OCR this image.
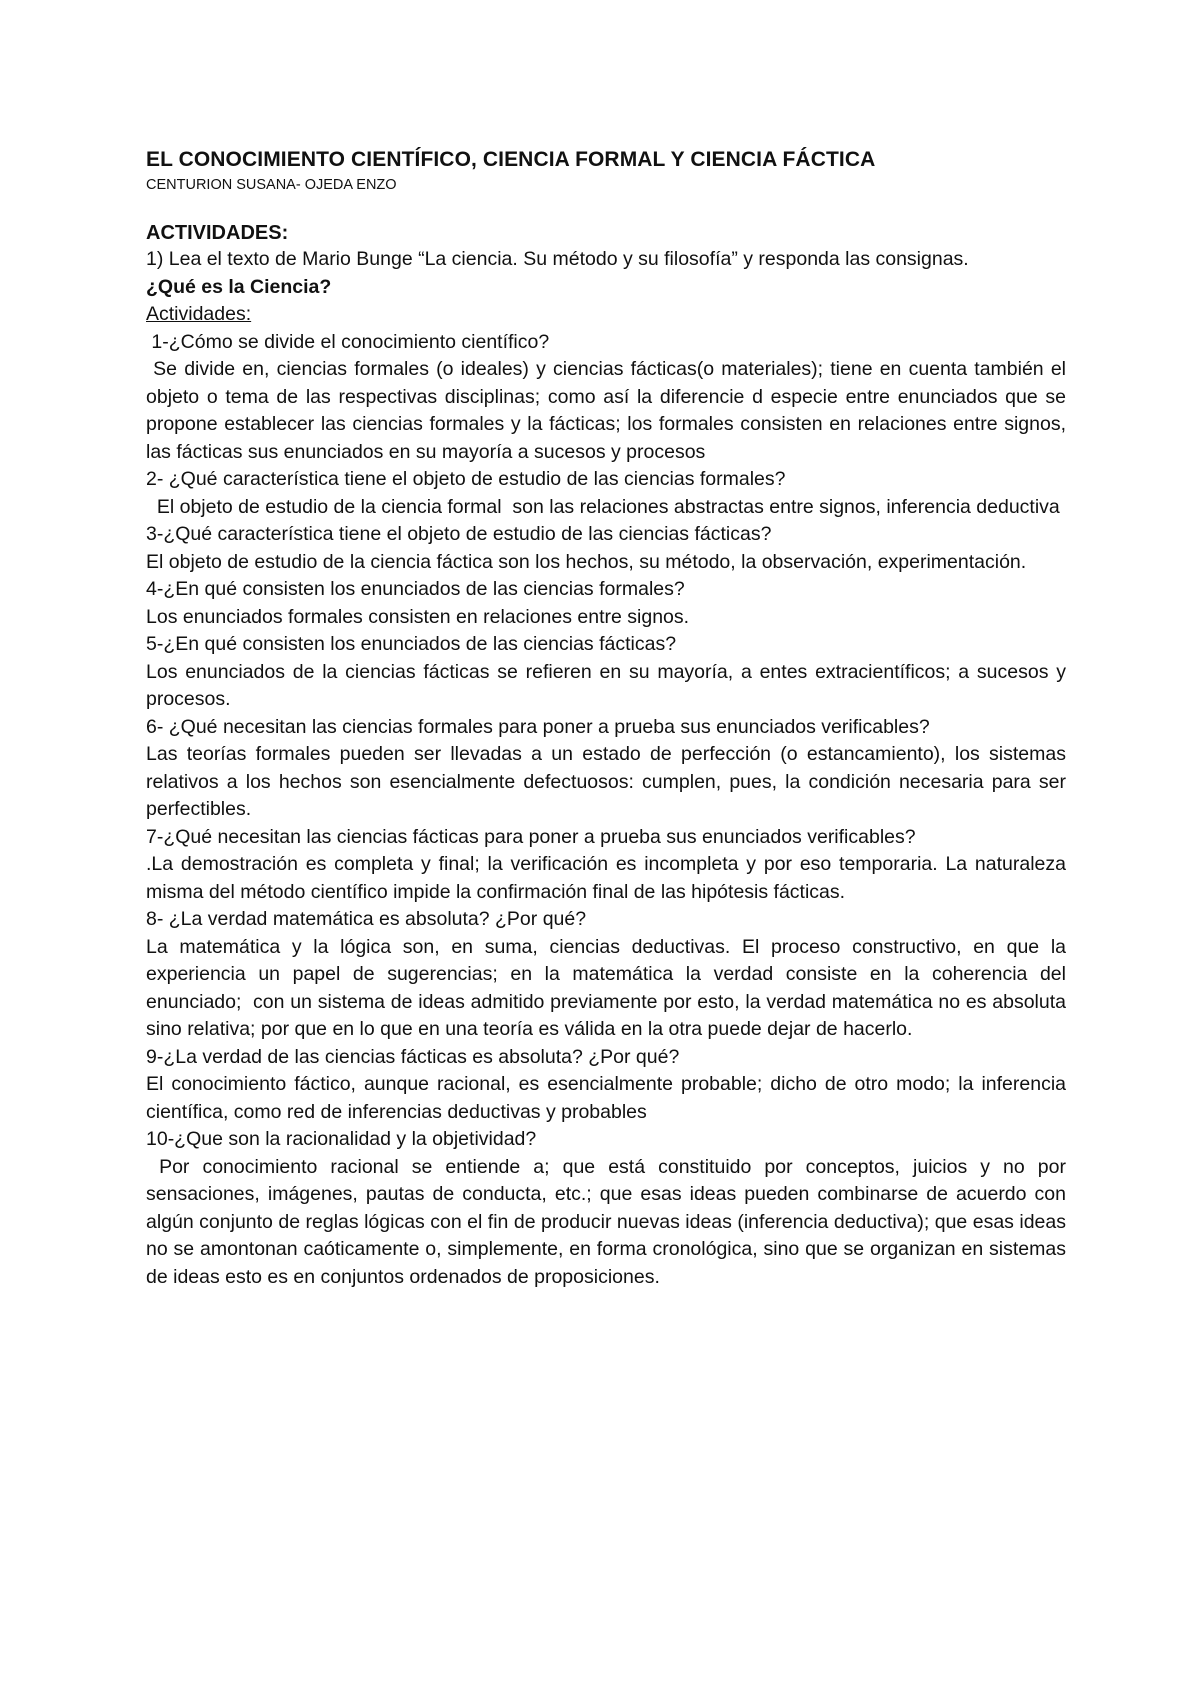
EL CONOCIMIENTO CIENTÍFICO, CIENCIA FORMAL Y CIENCIA FÁCTICA
CENTURION SUSANA- OJEDA ENZO
ACTIVIDADES:

1) Lea el texto de Mario Bunge “La ciencia. Su método y su filosofía” y responda las consignas.

¿Qué es la Ciencia?

Actividades:

1-¿Cómo se divide el conocimiento científico?

Se divide en, ciencias formales (o ideales) y ciencias fácticas(o materiales); tiene en cuenta también el objeto o tema de las respectivas disciplinas; como así la diferencie d especie entre enunciados que se propone establecer las ciencias formales y la fácticas; los formales consisten en relaciones entre signos, las fácticas sus enunciados en su mayoría a sucesos y procesos

2- ¿Qué característica tiene el objeto de estudio de las ciencias formales?

El objeto de estudio de la ciencia formal  son las relaciones abstractas entre signos, inferencia deductiva

3-¿Qué característica tiene el objeto de estudio de las ciencias fácticas?

El objeto de estudio de la ciencia fáctica son los hechos, su método, la observación, experimentación.

4-¿En qué consisten los enunciados de las ciencias formales?

Los enunciados formales consisten en relaciones entre signos.

5-¿En qué consisten los enunciados de las ciencias fácticas?

Los enunciados de la ciencias fácticas se refieren en su mayoría, a entes extracientíficos; a sucesos y procesos.

6- ¿Qué necesitan las ciencias formales para poner a prueba sus enunciados verificables?

Las teorías formales pueden ser llevadas a un estado de perfección (o estancamiento), los sistemas relativos a los hechos son esencialmente defectuosos: cumplen, pues, la condición necesaria para ser perfectibles.

7-¿Qué necesitan las ciencias fácticas para poner a prueba sus enunciados verificables?

.La demostración es completa y final; la verificación es incompleta y por eso temporaria. La naturaleza misma del método científico impide la confirmación final de las hipótesis fácticas.

8- ¿La verdad matemática es absoluta? ¿Por qué?

La matemática y la lógica son, en suma, ciencias deductivas. El proceso constructivo, en que la experiencia un papel de sugerencias; en la matemática la verdad consiste en la coherencia del enunciado;  con un sistema de ideas admitido previamente por esto, la verdad matemática no es absoluta sino relativa; por que en lo que en una teoría es válida en la otra puede dejar de hacerlo.

9-¿La verdad de las ciencias fácticas es absoluta? ¿Por qué?

El conocimiento fáctico, aunque racional, es esencialmente probable; dicho de otro modo; la inferencia científica, como red de inferencias deductivas y probables

10-¿Que son la racionalidad y la objetividad?

Por conocimiento racional se entiende a; que está constituido por conceptos, juicios y no por sensaciones, imágenes, pautas de conducta, etc.; que esas ideas pueden combinarse de acuerdo con algún conjunto de reglas lógicas con el fin de producir nuevas ideas (inferencia deductiva); que esas ideas no se amontonan caóticamente o, simplemente, en forma cronológica, sino que se organizan en sistemas de ideas esto es en conjuntos ordenados de proposiciones.
